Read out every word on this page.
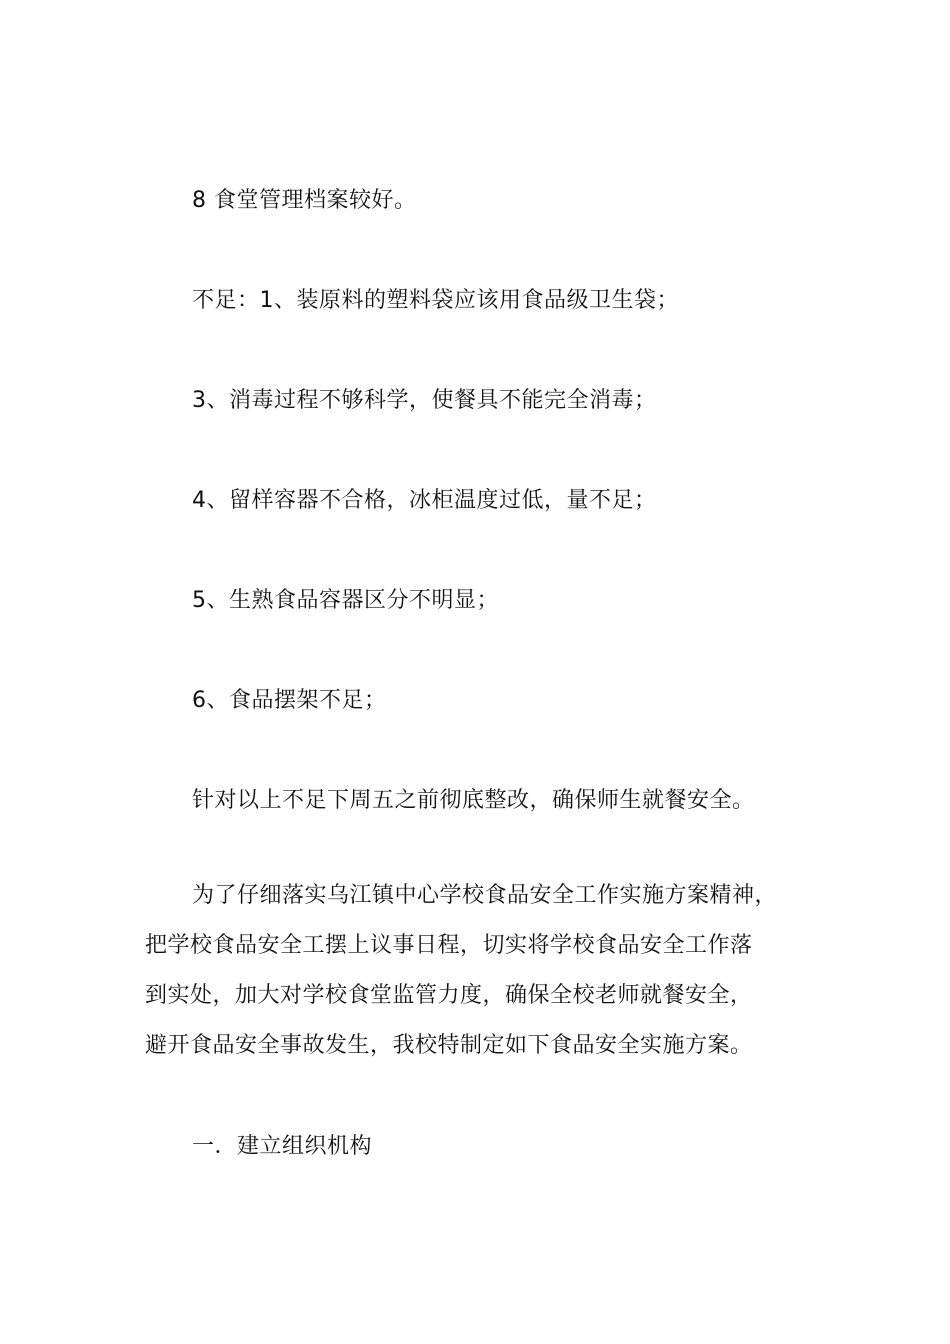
8 食堂管理档案较好。
不足：1、装原料的塑料袋应该用食品级卫生袋；
3、消毒过程不够科学，使餐具不能完全消毒；
4、留样容器不合格，冰柜温度过低，量不足；
5、生熟食品容器区分不明显；
6、食品摆架不足；
针对以上不足下周五之前彻底整改，确保师生就餐安全。
为了仔细落实乌江镇中心学校食品安全工作实施方案精神，
把学校食品安全工摆上议事日程，切实将学校食品安全工作落
到实处，加大对学校食堂监管力度，确保全校老师就餐安全，
避开食品安全事故发生，我校特制定如下食品安全实施方案。
一．建立组织机构
